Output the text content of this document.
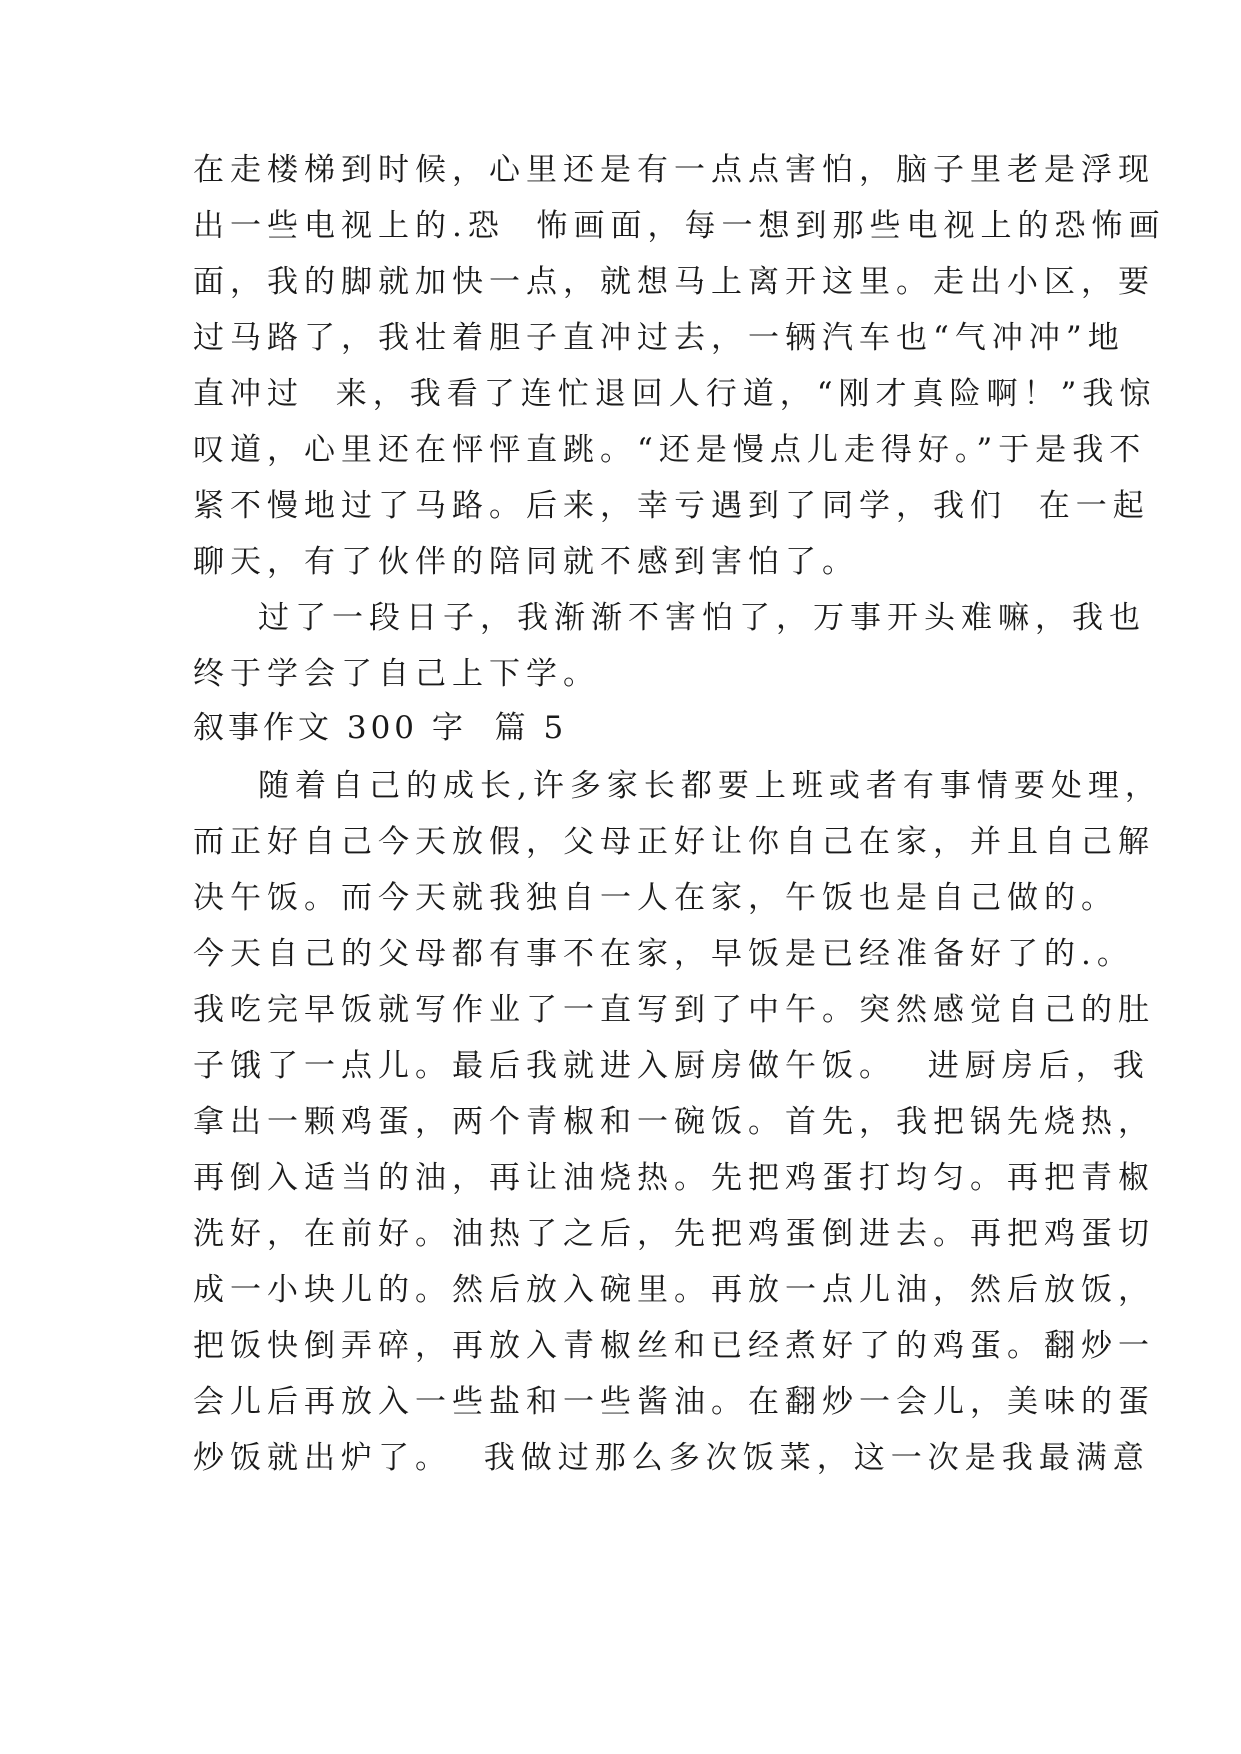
在走楼梯到时候，心里还是有一点点害怕，脑子里老是浮现
出一些电视上的.恐  怖画面，每一想到那些电视上的恐怖画
面，我的脚就加快一点，就想马上离开这里。走出小区，要
过马路了，我壮着胆子直冲过去，一辆汽车也“气冲冲”地
直冲过  来，我看了连忙退回人行道，“刚才真险啊！”我惊
叹道，心里还在怦怦直跳。“还是慢点儿走得好。”于是我不
紧不慢地过了马路。后来，幸亏遇到了同学，我们  在一起
聊天，有了伙伴的陪同就不感到害怕了。
过了一段日子，我渐渐不害怕了，万事开头难嘛，我也
终于学会了自己上下学。
叙事作文 300 字  篇 5
随着自己的成长,许多家长都要上班或者有事情要处理，
而正好自己今天放假，父母正好让你自己在家，并且自己解
决午饭。而今天就我独自一人在家，午饭也是自己做的。
今天自己的父母都有事不在家，早饭是已经准备好了的.。
我吃完早饭就写作业了一直写到了中午。突然感觉自己的肚
子饿了一点儿。最后我就进入厨房做午饭。  进厨房后，我
拿出一颗鸡蛋，两个青椒和一碗饭。首先，我把锅先烧热，
再倒入适当的油，再让油烧热。先把鸡蛋打均匀。再把青椒
洗好，在前好。油热了之后，先把鸡蛋倒进去。再把鸡蛋切
成一小块儿的。然后放入碗里。再放一点儿油，然后放饭，
把饭快倒弄碎，再放入青椒丝和已经煮好了的鸡蛋。翻炒一
会儿后再放入一些盐和一些酱油。在翻炒一会儿，美味的蛋
炒饭就出炉了。  我做过那么多次饭菜，这一次是我最满意
